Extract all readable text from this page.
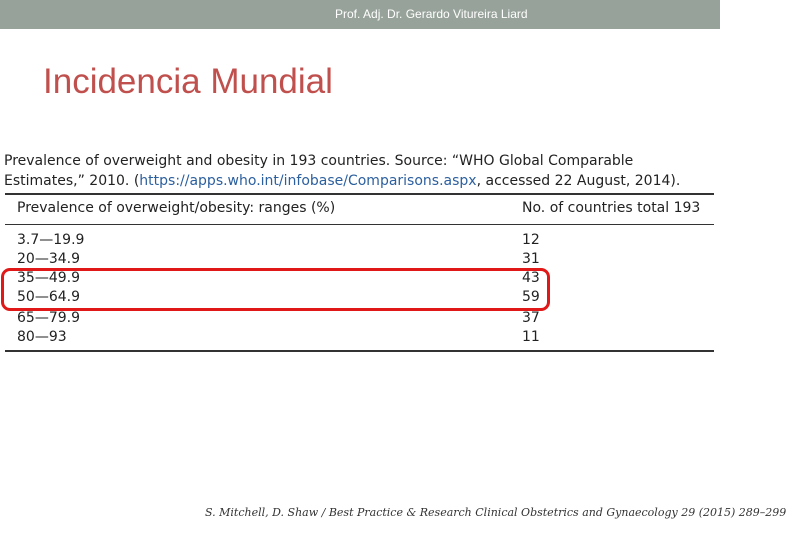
Prof. Adj. Dr. Gerardo Vitureira Liard
Incidencia Mundial

Prevalence of overweight and obesity in 193 countries. Source: “WHO Global Comparable Estimates,” 2010. (https://apps.who.int/infobase/Comparisons.aspx, accessed 22 August, 2014).

Prevalence of overweight/obesity: ranges (%)	No. of countries total 193
3.7—19.9	12
20—34.9	31
35—49.9	43
50—64.9	59
65—79.9	37
80—93	11
S. Mitchell, D. Shaw / Best Practice & Research Clinical Obstetrics and Gynaecology 29 (2015) 289–299
